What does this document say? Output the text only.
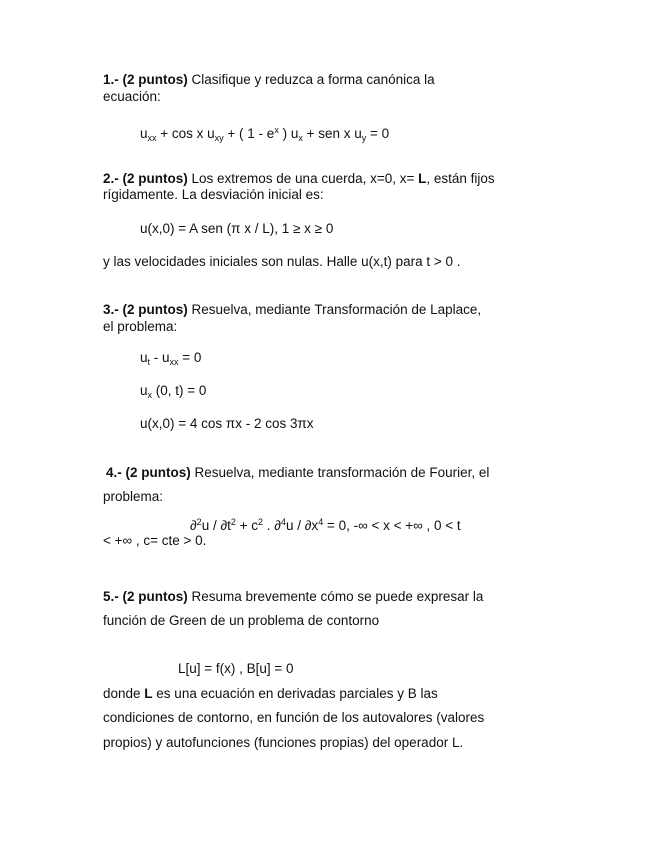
1.- (2 puntos) Clasifique y reduzca a forma canónica la
ecuación:
$u_{xx} + \cos x$ $u_{xy}$ + ( $1 - e^x$ ) $u_x$ + sen x $u_y = 0$
2.- (2 puntos) Los extremos de una cuerda, x=0, x= L, están fijos
rígidamente. La desviación inicial es:
u(x,0) = A sen (π x / L), 1 ≥ x ≥ 0
y las velocidades iniciales son nulas. Halle u(x,t) para t > 0 .
3.- (2 puntos) Resuelva, mediante Transformación de Laplace,
el problema:
$u_t - u_{xx} = 0$
$u_x$ (0, t) = 0
u(x,0) = 4 cos πx - 2 cos 3πx
4.- (2 puntos) Resuelva, mediante transformación de Fourier, el
problema:
$\partial^2u / \partial t^2 + c^2$ . $\partial^4u / \partial x^4 = 0$, -∞ < x < +∞ , 0 < t
< +∞ , c= cte > 0.
5.- (2 puntos) Resuma brevemente cómo se puede expresar la
función de Green de un problema de contorno
L[u] = f(x) , B[u] = 0
donde L es una ecuación en derivadas parciales y B las
condiciones de contorno, en función de los autovalores (valores
propios) y autofunciones (funciones propias) del operador L.
